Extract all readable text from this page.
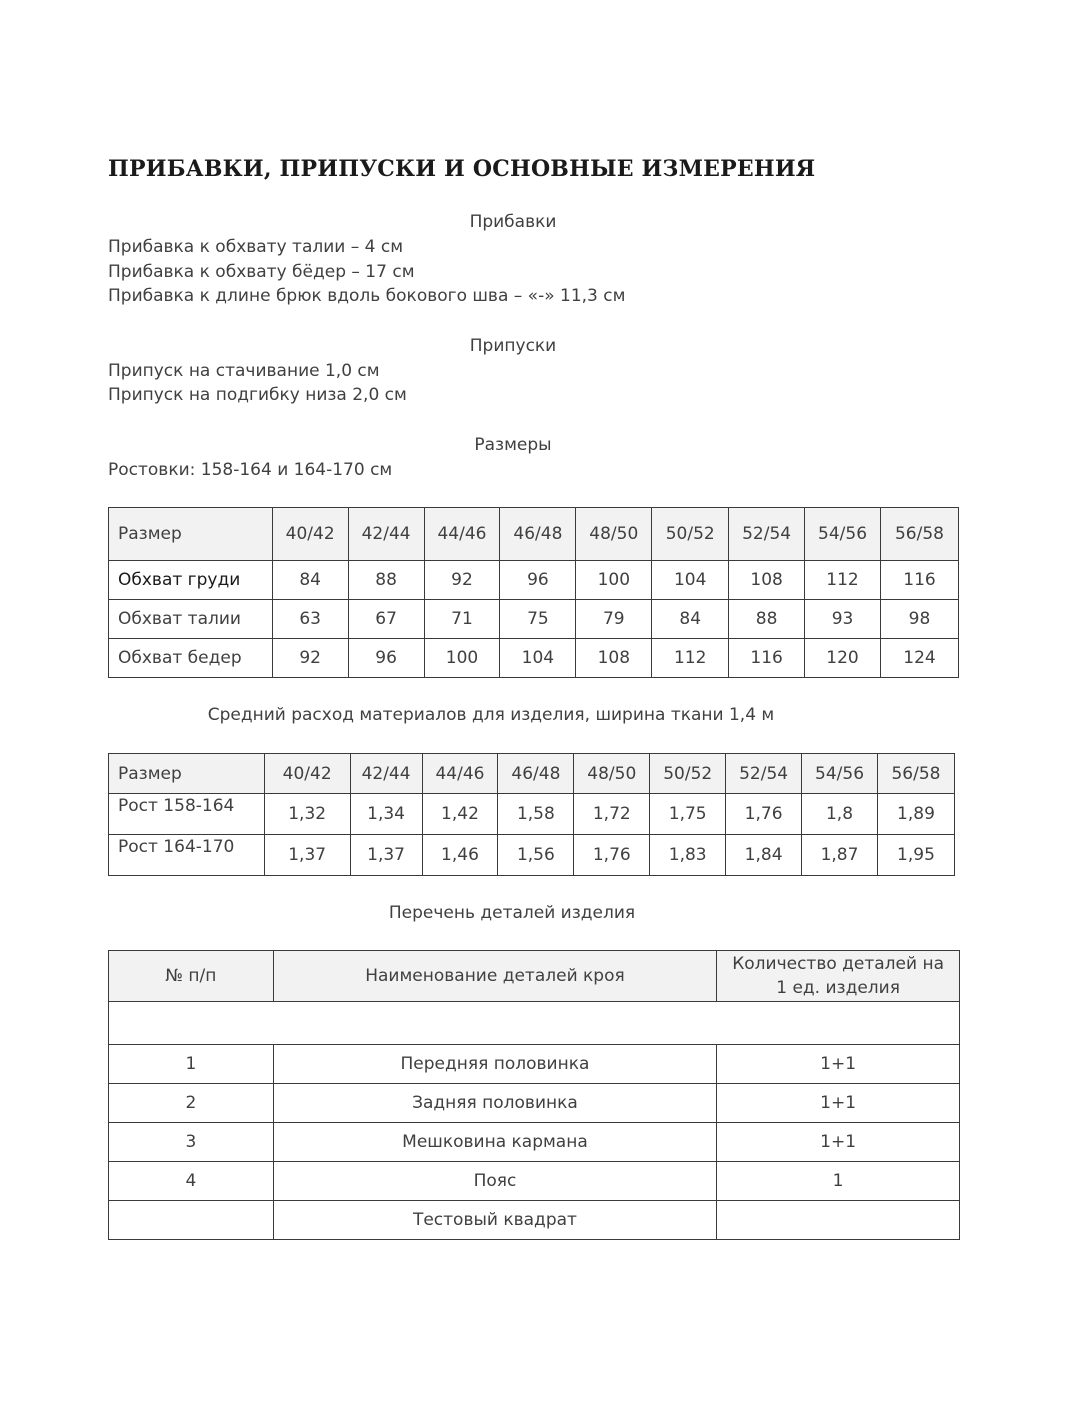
ПРИБАВКИ, ПРИПУСКИ И ОСНОВНЫЕ ИЗМЕРЕНИЯ
Прибавки
Прибавка к обхвату талии – 4 см
Прибавка к обхвату бёдер – 17 см
Прибавка к длине брюк вдоль бокового шва – «-» 11,3 см
Припуски
Припуск на стачивание 1,0 см
Припуск на подгибку низа 2,0 см
Размеры
Ростовки: 158-164 и 164-170 см
Размер	40/42	42/44	44/46	46/48	48/50	50/52	52/54	54/56	56/58
Обхват груди	84	88	92	96	100	104	108	112	116
Обхват талии	63	67	71	75	79	84	88	93	98
Обхват бедер	92	96	100	104	108	112	116	120	124
Средний расход материалов для изделия, ширина ткани 1,4 м
Размер	40/42	42/44	44/46	46/48	48/50	50/52	52/54	54/56	56/58
Рост 158-164	1,32	1,34	1,42	1,58	1,72	1,75	1,76	1,8	1,89
Рост 164-170	1,37	1,37	1,46	1,56	1,76	1,83	1,84	1,87	1,95
Перечень деталей изделия
№ п/п	Наименование деталей кроя	Количество деталей на 1 ед. изделия

1	Передняя половинка	1+1
2	Задняя половинка	1+1
3	Мешковина кармана	1+1
4	Пояс	1
	Тестовый квадрат	
